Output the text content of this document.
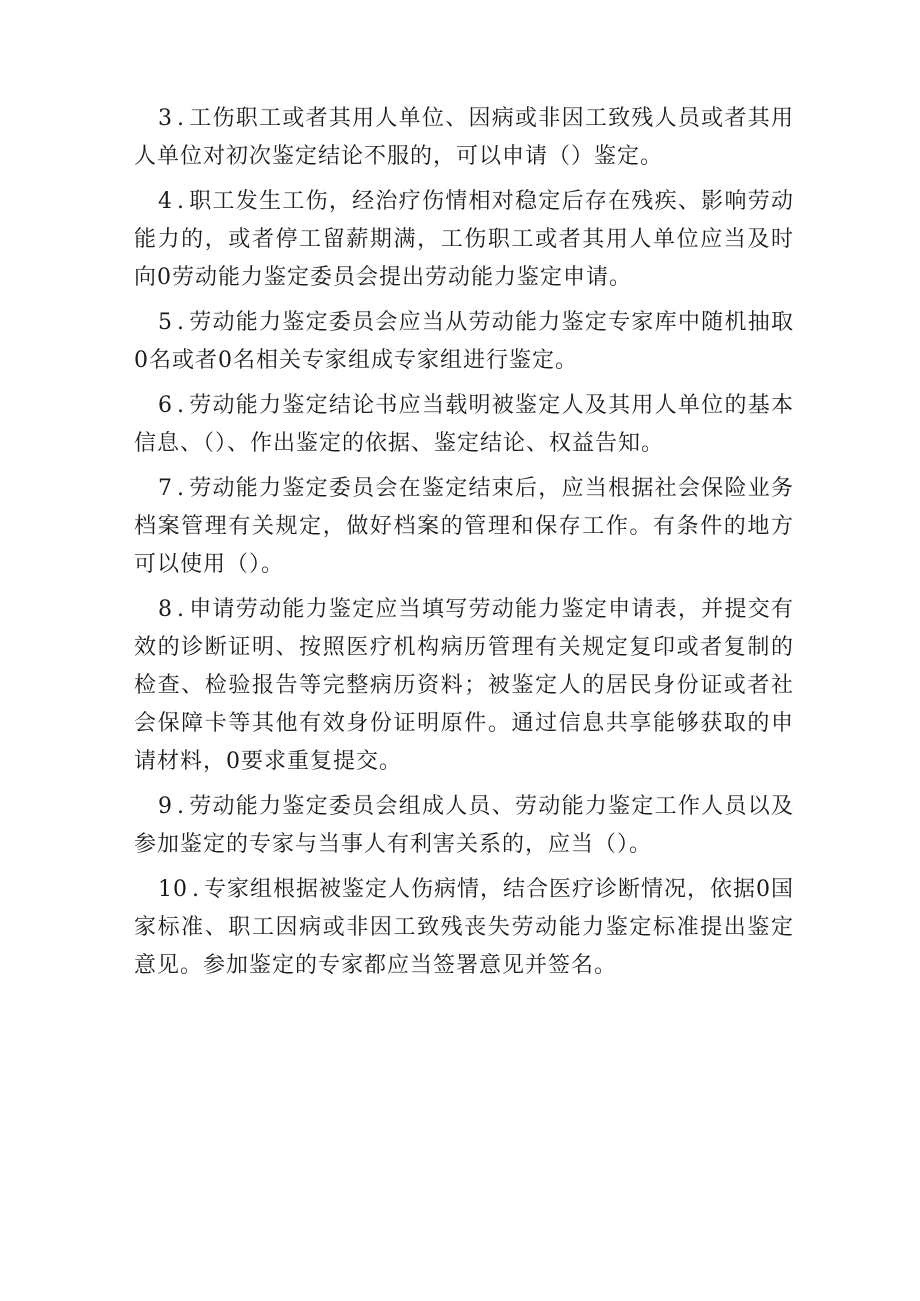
3 . 工伤职工或者其用人单位、因病或非因工致残人员或者其用人单位对初次鉴定结论不服的，可以申请（）鉴定。

4 . 职工发生工伤，经治疗伤情相对稳定后存在残疾、影响劳动能力的，或者停工留薪期满，工伤职工或者其用人单位应当及时向0劳动能力鉴定委员会提出劳动能力鉴定申请。

5 . 劳动能力鉴定委员会应当从劳动能力鉴定专家库中随机抽取0名或者0名相关专家组成专家组进行鉴定。

6 . 劳动能力鉴定结论书应当载明被鉴定人及其用人单位的基本信息、（）、作出鉴定的依据、鉴定结论、权益告知。

7 . 劳动能力鉴定委员会在鉴定结束后，应当根据社会保险业务档案管理有关规定，做好档案的管理和保存工作。有条件的地方可以使用（）。

8 . 申请劳动能力鉴定应当填写劳动能力鉴定申请表，并提交有效的诊断证明、按照医疗机构病历管理有关规定复印或者复制的检查、检验报告等完整病历资料；被鉴定人的居民身份证或者社会保障卡等其他有效身份证明原件。通过信息共享能够获取的申请材料，0要求重复提交。

9 . 劳动能力鉴定委员会组成人员、劳动能力鉴定工作人员以及参加鉴定的专家与当事人有利害关系的，应当（）。

10 . 专家组根据被鉴定人伤病情，结合医疗诊断情况，依据0国家标准、职工因病或非因工致残丧失劳动能力鉴定标准提出鉴定意见。参加鉴定的专家都应当签署意见并签名。
